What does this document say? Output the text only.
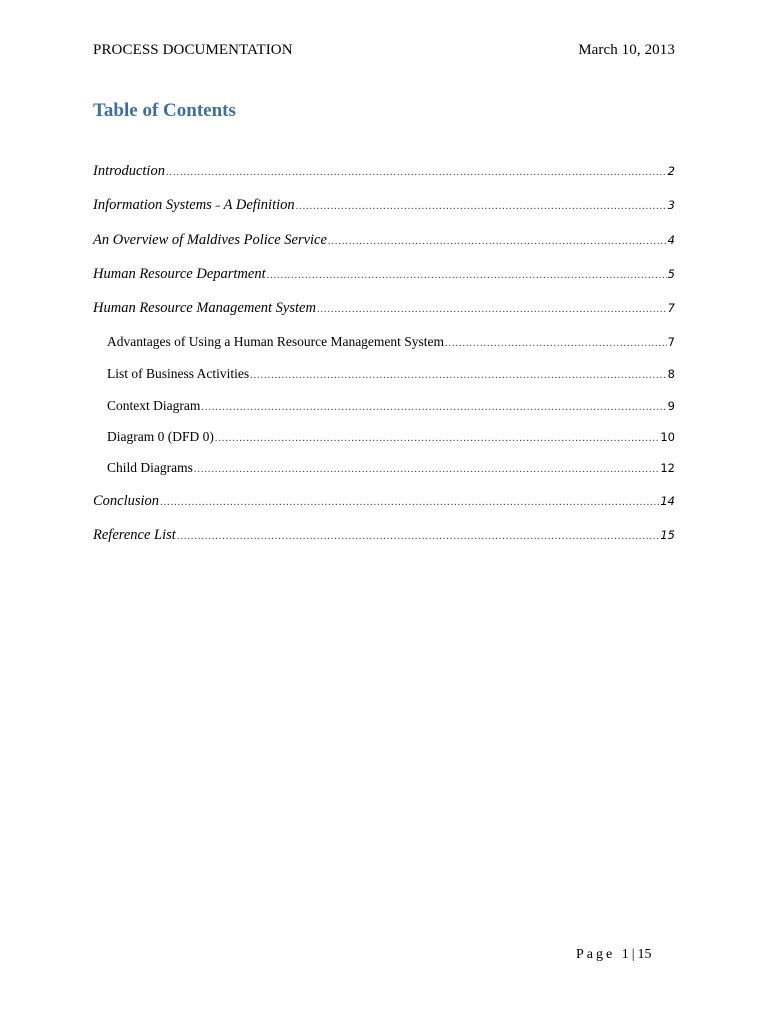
PROCESS DOCUMENTATION	March 10, 2013
Table of Contents
Introduction .....	2
Information Systems ˗ A Definition .....	3
An Overview of Maldives Police Service .....	4
Human Resource Department .....	5
Human Resource Management System .....	7
Advantages of Using a Human Resource Management System .....	7
List of Business Activities .....	8
Context Diagram .....	9
Diagram 0 (DFD 0) .....	10
Child Diagrams .....	12
Conclusion .....	14
Reference List .....	15
Page 1| 15
